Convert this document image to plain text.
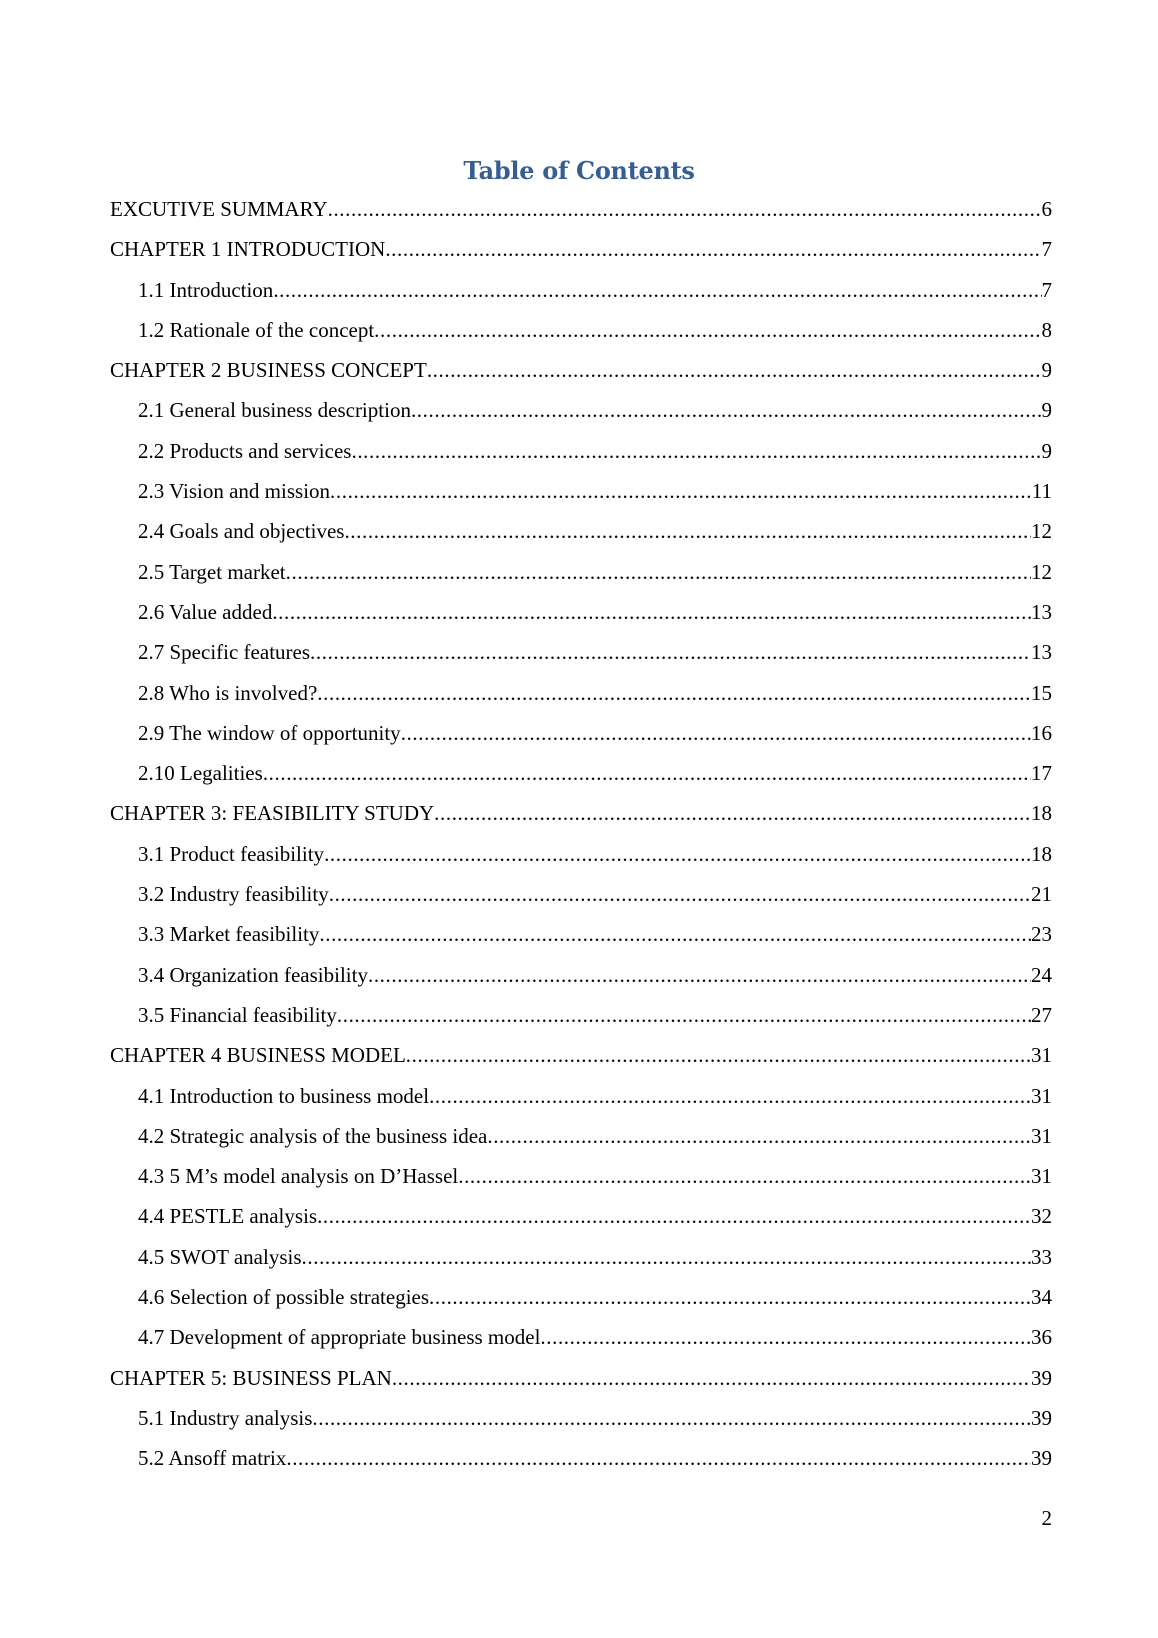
Table of Contents
EXCUTIVE SUMMARY .....	6
CHAPTER 1 INTRODUCTION .....	7
1.1 Introduction .....	7
1.2 Rationale of the concept .....	8
CHAPTER 2 BUSINESS CONCEPT .....	9
2.1 General business description .....	9
2.2 Products and services .....	9
2.3 Vision and mission .....	11
2.4 Goals and objectives .....	12
2.5 Target market .....	12
2.6 Value added .....	13
2.7 Specific features .....	13
2.8 Who is involved? .....	15
2.9 The window of opportunity .....	16
2.10 Legalities .....	17
CHAPTER 3: FEASIBILITY STUDY .....	18
3.1 Product feasibility .....	18
3.2 Industry feasibility .....	21
3.3 Market feasibility .....	23
3.4 Organization feasibility .....	24
3.5 Financial feasibility .....	27
CHAPTER 4 BUSINESS MODEL .....	31
4.1 Introduction to business model .....	31
4.2 Strategic analysis of the business idea .....	31
4.3 5 M’s model analysis on D’Hassel .....	31
4.4 PESTLE analysis .....	32
4.5 SWOT analysis .....	33
4.6 Selection of possible strategies .....	34
4.7 Development of appropriate business model .....	36
CHAPTER 5: BUSINESS PLAN .....	39
5.1 Industry analysis .....	39
5.2 Ansoff matrix .....	39

2
